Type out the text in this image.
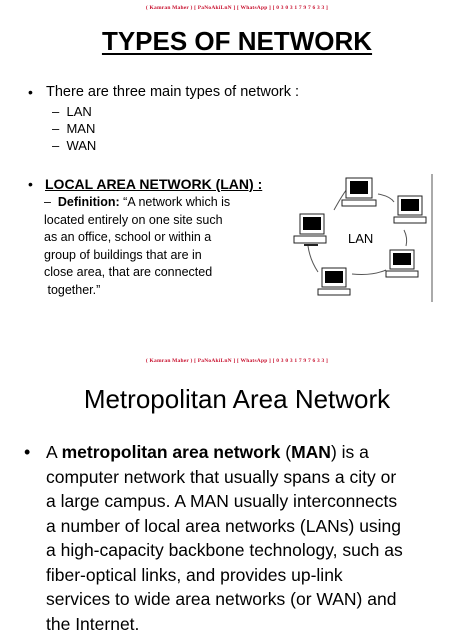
( Kamran Maher ) [ PaNoAkiLnN ] [ WhatsApp ] [ 0 3 0 3 1 7 9 7 6 3 3 ]
TYPES OF NETWORK
• There are three main types of network :
–  LAN
–  MAN
–  WAN
• LOCAL AREA NETWORK (LAN) :
–  Definition: “A network which is
located entirely on one site such
as an office, school or within a
group of buildings that are in
close area, that are connected
together.”
LAN
( Kamran Maher ) [ PaNoAkiLnN ] [ WhatsApp ] [ 0 3 0 3 1 7 9 7 6 3 3 ]
Metropolitan Area Network
• A metropolitan area network (MAN) is a
computer network that usually spans a city or
a large campus. A MAN usually interconnects
a number of local area networks (LANs) using
a high-capacity backbone technology, such as
fiber-optical links, and provides up-link
services to wide area networks (or WAN) and
the Internet.
